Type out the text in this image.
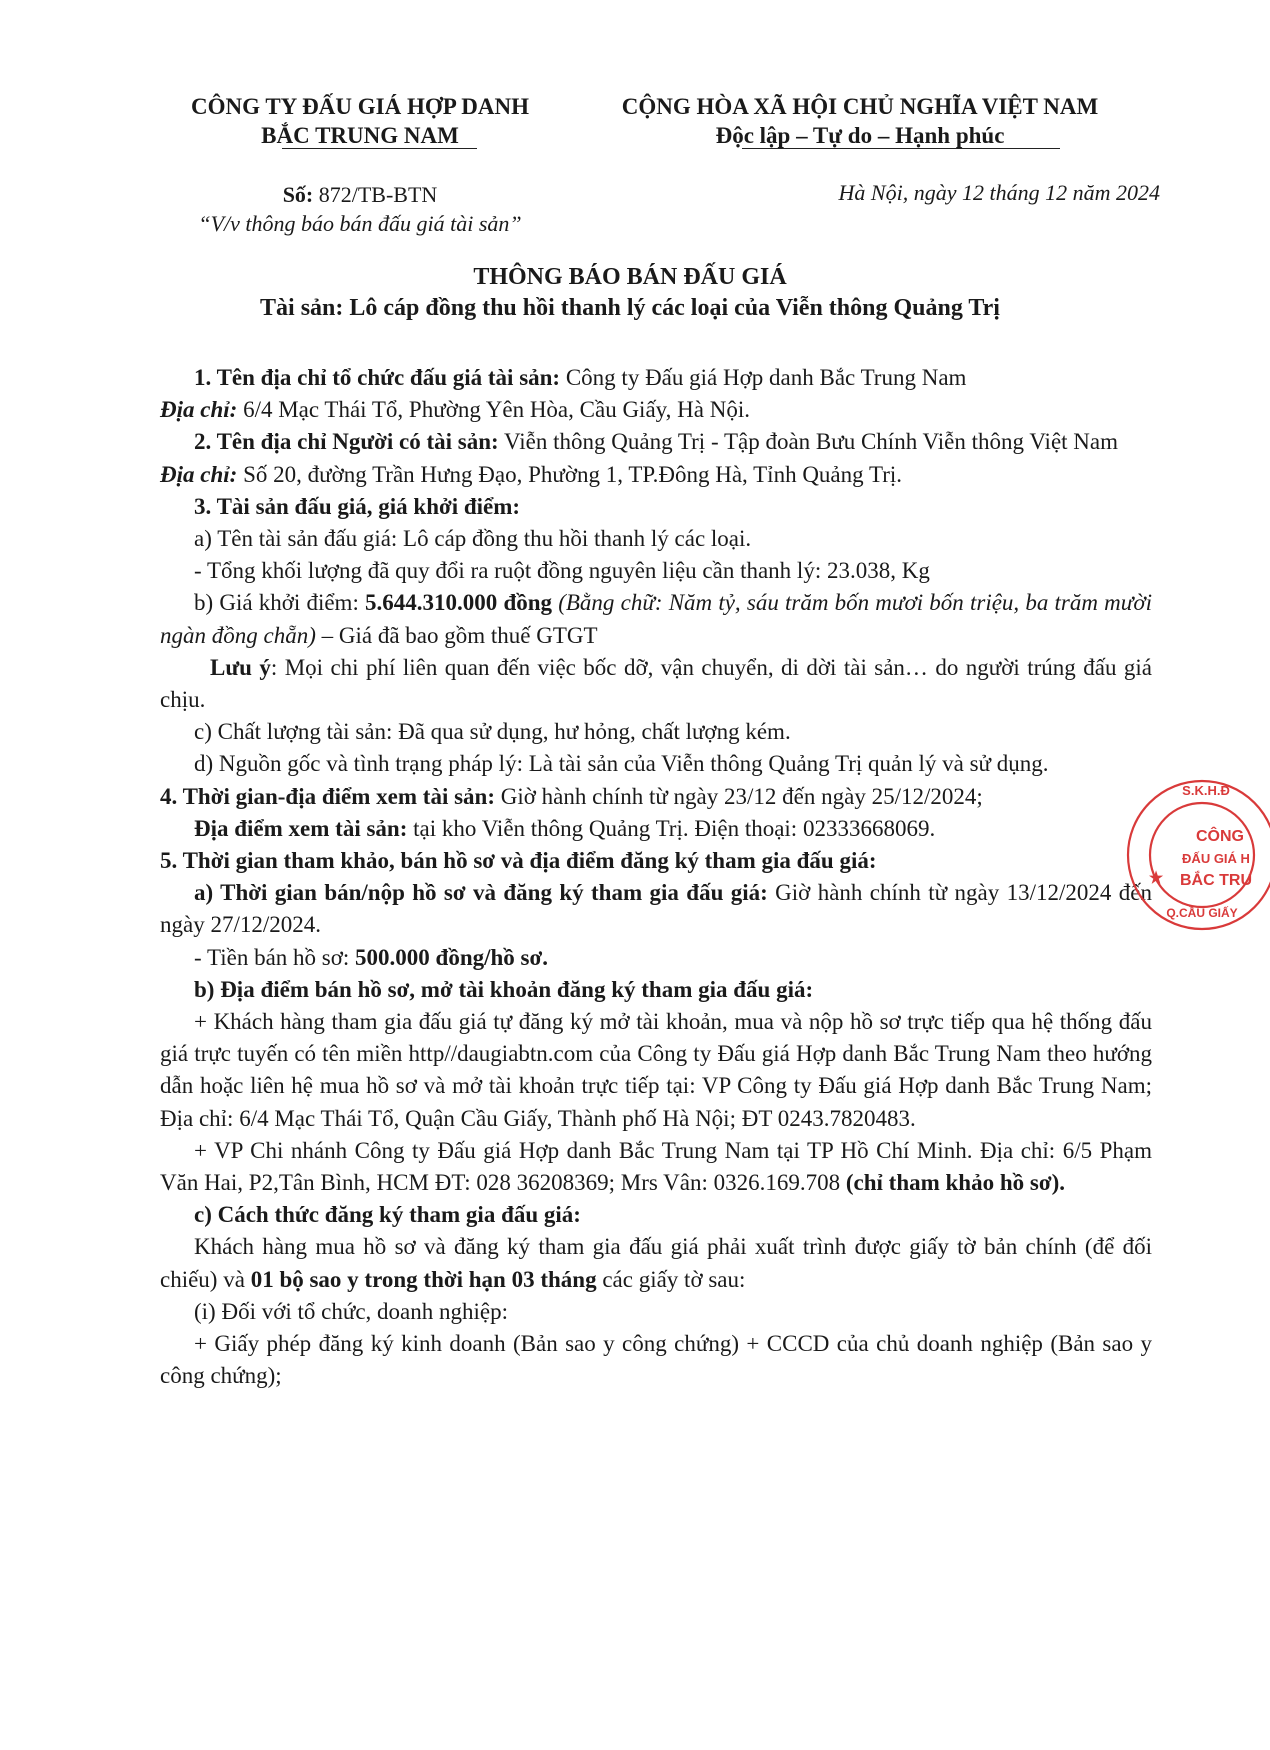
CÔNG TY ĐẤU GIÁ HỢP DANH
BẮC TRUNG NAM
CỘNG HÒA XÃ HỘI CHỦ NGHĨA VIỆT NAM
Độc lập – Tự do – Hạnh phúc
Số: 872/TB-BTN
“V/v thông báo bán đấu giá tài sản”
Hà Nội, ngày 12 tháng 12 năm 2024
THÔNG BÁO BÁN ĐẤU GIÁ
Tài sản: Lô cáp đồng thu hồi thanh lý các loại của Viễn thông Quảng Trị

1. Tên địa chỉ tổ chức đấu giá tài sản: Công ty Đấu giá Hợp danh Bắc Trung Nam

Địa chỉ: 6/4 Mạc Thái Tổ, Phường Yên Hòa, Cầu Giấy, Hà Nội.

2. Tên địa chỉ Người có tài sản: Viễn thông Quảng Trị - Tập đoàn Bưu Chính Viễn thông Việt Nam

Địa chỉ: Số 20, đường Trần Hưng Đạo, Phường 1, TP.Đông Hà, Tỉnh Quảng Trị.

3. Tài sản đấu giá, giá khởi điểm:

a) Tên tài sản đấu giá: Lô cáp đồng thu hồi thanh lý các loại.

- Tổng khối lượng đã quy đổi ra ruột đồng nguyên liệu cần thanh lý: 23.038, Kg

b) Giá khởi điểm: 5.644.310.000 đồng (Bằng chữ: Năm tỷ, sáu trăm bốn mươi bốn triệu, ba trăm mười ngàn đồng chẵn) – Giá đã bao gồm thuế GTGT

Lưu ý: Mọi chi phí liên quan đến việc bốc dỡ, vận chuyển, di dời tài sản… do người trúng đấu giá chịu.

c) Chất lượng tài sản: Đã qua sử dụng, hư hỏng, chất lượng kém.

d) Nguồn gốc và tình trạng pháp lý: Là tài sản của Viễn thông Quảng Trị quản lý và sử dụng.

4. Thời gian-địa điểm xem tài sản: Giờ hành chính từ ngày 23/12 đến ngày 25/12/2024;

Địa điểm xem tài sản: tại kho Viễn thông Quảng Trị. Điện thoại: 02333668069.

5. Thời gian tham khảo, bán hồ sơ và địa điểm đăng ký tham gia đấu giá:

a) Thời gian bán/nộp hồ sơ và đăng ký tham gia đấu giá: Giờ hành chính từ ngày 13/12/2024 đến ngày 27/12/2024.

- Tiền bán hồ sơ: 500.000 đồng/hồ sơ.

b) Địa điểm bán hồ sơ, mở tài khoản đăng ký tham gia đấu giá:

+ Khách hàng tham gia đấu giá tự đăng ký mở tài khoản, mua và nộp hồ sơ trực tiếp qua hệ thống đấu giá trực tuyến có tên miền http//daugiabtn.com của Công ty Đấu giá Hợp danh Bắc Trung Nam theo hướng dẫn hoặc liên hệ mua hồ sơ và mở tài khoản trực tiếp tại: VP Công ty Đấu giá Hợp danh Bắc Trung Nam; Địa chỉ: 6/4 Mạc Thái Tổ, Quận Cầu Giấy, Thành phố Hà Nội; ĐT 0243.7820483.

+ VP Chi nhánh Công ty Đấu giá Hợp danh Bắc Trung Nam tại TP Hồ Chí Minh. Địa chỉ: 6/5 Phạm Văn Hai, P2,Tân Bình, HCM ĐT: 028 36208369; Mrs Vân: 0326.169.708 (chỉ tham khảo hồ sơ).

c) Cách thức đăng ký tham gia đấu giá:

Khách hàng mua hồ sơ và đăng ký tham gia đấu giá phải xuất trình được giấy tờ bản chính (để đối chiếu) và 01 bộ sao y trong thời hạn 03 tháng các giấy tờ sau:

(i) Đối với tổ chức, doanh nghiệp:

+ Giấy phép đăng ký kinh doanh (Bản sao y công chứng) + CCCD của chủ doanh nghiệp (Bản sao y công chứng);

S.K.H.Đ
CÔNG
ĐẤU GIÁ H
BẮC TRU
Q.CẦU GIẤY
★
